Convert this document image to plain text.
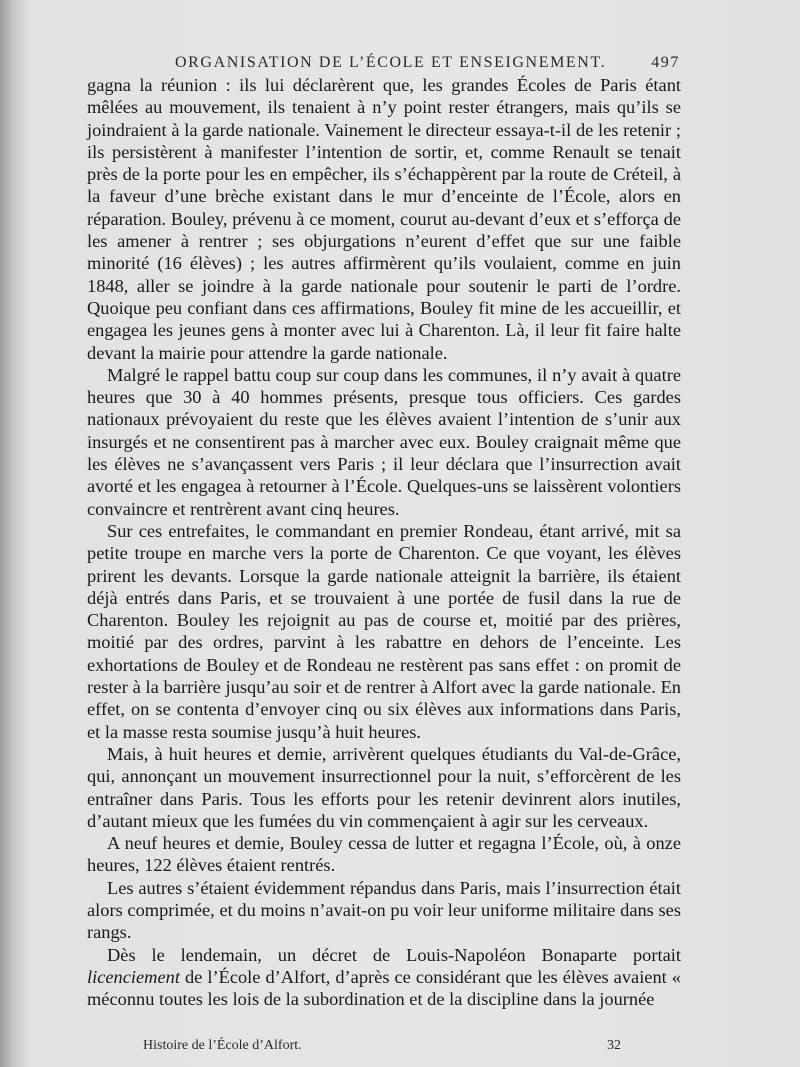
ORGANISATION DE L’ÉCOLE ET ENSEIGNEMENT.	497

gagna la réunion : ils lui déclarèrent que, les grandes Écoles de Paris étant mêlées au mouvement, ils tenaient à n’y point rester étrangers, mais qu’ils se joindraient à la garde nationale. Vainement le directeur essaya-t-il de les retenir ; ils persistèrent à manifester l’intention de sortir, et, comme Renault se tenait près de la porte pour les en empêcher, ils s’échappèrent par la route de Créteil, à la faveur d’une brèche existant dans le mur d’enceinte de l’École, alors en réparation. Bouley, prévenu à ce moment, courut au-devant d’eux et s’efforça de les amener à rentrer ; ses objurgations n’eurent d’effet que sur une faible minorité (16 élèves) ; les autres affirmèrent qu’ils voulaient, comme en juin 1848, aller se joindre à la garde nationale pour soutenir le parti de l’ordre. Quoique peu confiant dans ces affirmations, Bouley fit mine de les accueillir, et engagea les jeunes gens à monter avec lui à Charenton. Là, il leur fit faire halte devant la mairie pour attendre la garde nationale.

Malgré le rappel battu coup sur coup dans les communes, il n’y avait à quatre heures que 30 à 40 hommes présents, presque tous officiers. Ces gardes nationaux prévoyaient du reste que les élèves avaient l’intention de s’unir aux insurgés et ne consentirent pas à marcher avec eux. Bouley craignait même que les élèves ne s’avançassent vers Paris ; il leur déclara que l’insurrection avait avorté et les engagea à retourner à l’École. Quelques-uns se laissèrent volontiers convaincre et rentrèrent avant cinq heures.

Sur ces entrefaites, le commandant en premier Rondeau, étant arrivé, mit sa petite troupe en marche vers la porte de Charenton. Ce que voyant, les élèves prirent les devants. Lorsque la garde nationale atteignit la barrière, ils étaient déjà entrés dans Paris, et se trouvaient à une portée de fusil dans la rue de Charenton. Bouley les rejoignit au pas de course et, moitié par des prières, moitié par des ordres, parvint à les rabattre en dehors de l’enceinte. Les exhortations de Bouley et de Rondeau ne restèrent pas sans effet : on promit de rester à la barrière jusqu’au soir et de rentrer à Alfort avec la garde nationale. En effet, on se contenta d’envoyer cinq ou six élèves aux informations dans Paris, et la masse resta soumise jusqu’à huit heures.

Mais, à huit heures et demie, arrivèrent quelques étudiants du Val-de-Grâce, qui, annonçant un mouvement insurrectionnel pour la nuit, s’efforcèrent de les entraîner dans Paris. Tous les efforts pour les retenir devinrent alors inutiles, d’autant mieux que les fumées du vin commençaient à agir sur les cerveaux.

A neuf heures et demie, Bouley cessa de lutter et regagna l’École, où, à onze heures, 122 élèves étaient rentrés.

Les autres s’étaient évidemment répandus dans Paris, mais l’insurrection était alors comprimée, et du moins n’avait-on pu voir leur uniforme militaire dans ses rangs.

Dès le lendemain, un décret de Louis-Napoléon Bonaparte portait licenciement de l’École d’Alfort, d’après ce considérant que les élèves avaient « méconnu toutes les lois de la subordination et de la discipline dans la journée

Histoire de l’École d’Alfort.	32
